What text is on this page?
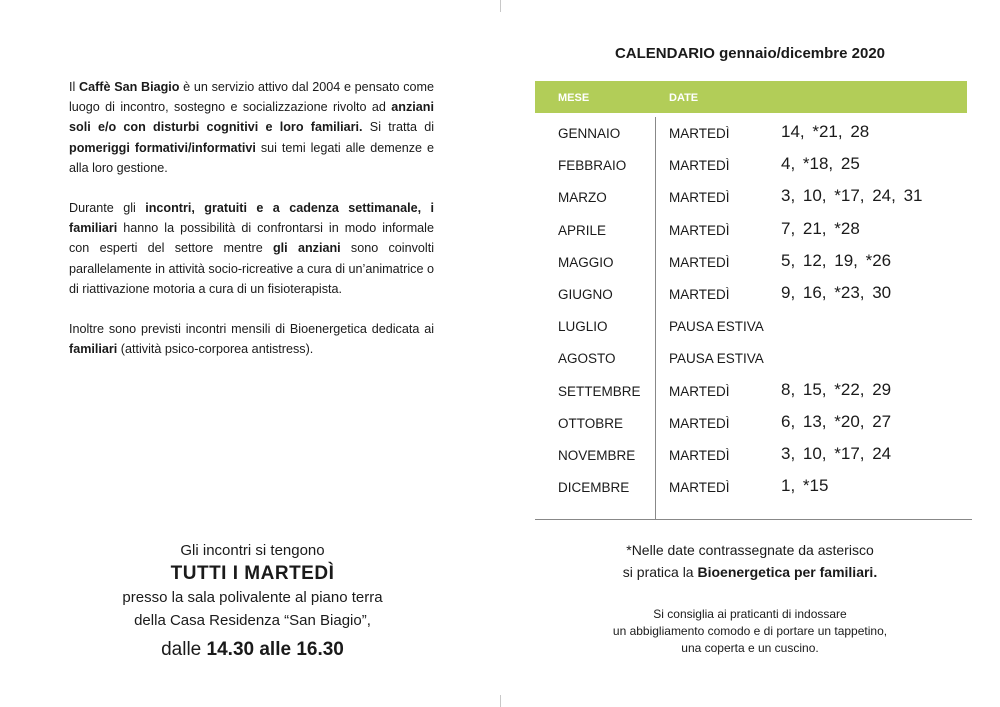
Il Caffè San Biagio è un servizio attivo dal 2004 e pensato come luogo di incontro, sostegno e socializzazione rivolto ad anziani soli e/o con disturbi cognitivi e loro familiari. Si tratta di pomeriggi formativi/informativi sui temi legati alle demenze e alla loro gestione.

Durante gli incontri, gratuiti e a cadenza settimanale, i familiari hanno la possibilità di confrontarsi in modo informale con esperti del settore mentre gli anziani sono coinvolti parallelamente in attività socio-ricreative a cura di un’animatrice o di riattivazione motoria a cura di un fisioterapista.

Inoltre sono previsti incontri mensili di Bioenergetica dedicata ai familiari (attività psico-corporea antistress).

Gli incontri si tengono
TUTTI I MARTEDÌ
presso la sala polivalente al piano terra
della Casa Residenza “San Biagio”,
dalle 14.30 alle 16.30
CALENDARIO gennaio/dicembre 2020
MESE	DATE
GENNAIO	MARTEDÌ	14, *21, 28
FEBBRAIO	MARTEDÌ	4, *18, 25
MARZO	MARTEDÌ	3, 10, *17, 24, 31
APRILE	MARTEDÌ	7, 21, *28
MAGGIO	MARTEDÌ	5, 12, 19, *26
GIUGNO	MARTEDÌ	9, 16, *23, 30
LUGLIO	PAUSA ESTIVA
AGOSTO	PAUSA ESTIVA
SETTEMBRE MARTEDÌ	8, 15, *22, 29
OTTOBRE	MARTEDÌ	6, 13, *20, 27
NOVEMBRE MARTEDÌ	3, 10, *17, 24
DICEMBRE	MARTEDÌ	1, *15
*Nelle date contrassegnate da asterisco
si pratica la Bioenergetica per familiari.
Si consiglia ai praticanti di indossare
un abbigliamento comodo e di portare un tappetino,
una coperta e un cuscino.
